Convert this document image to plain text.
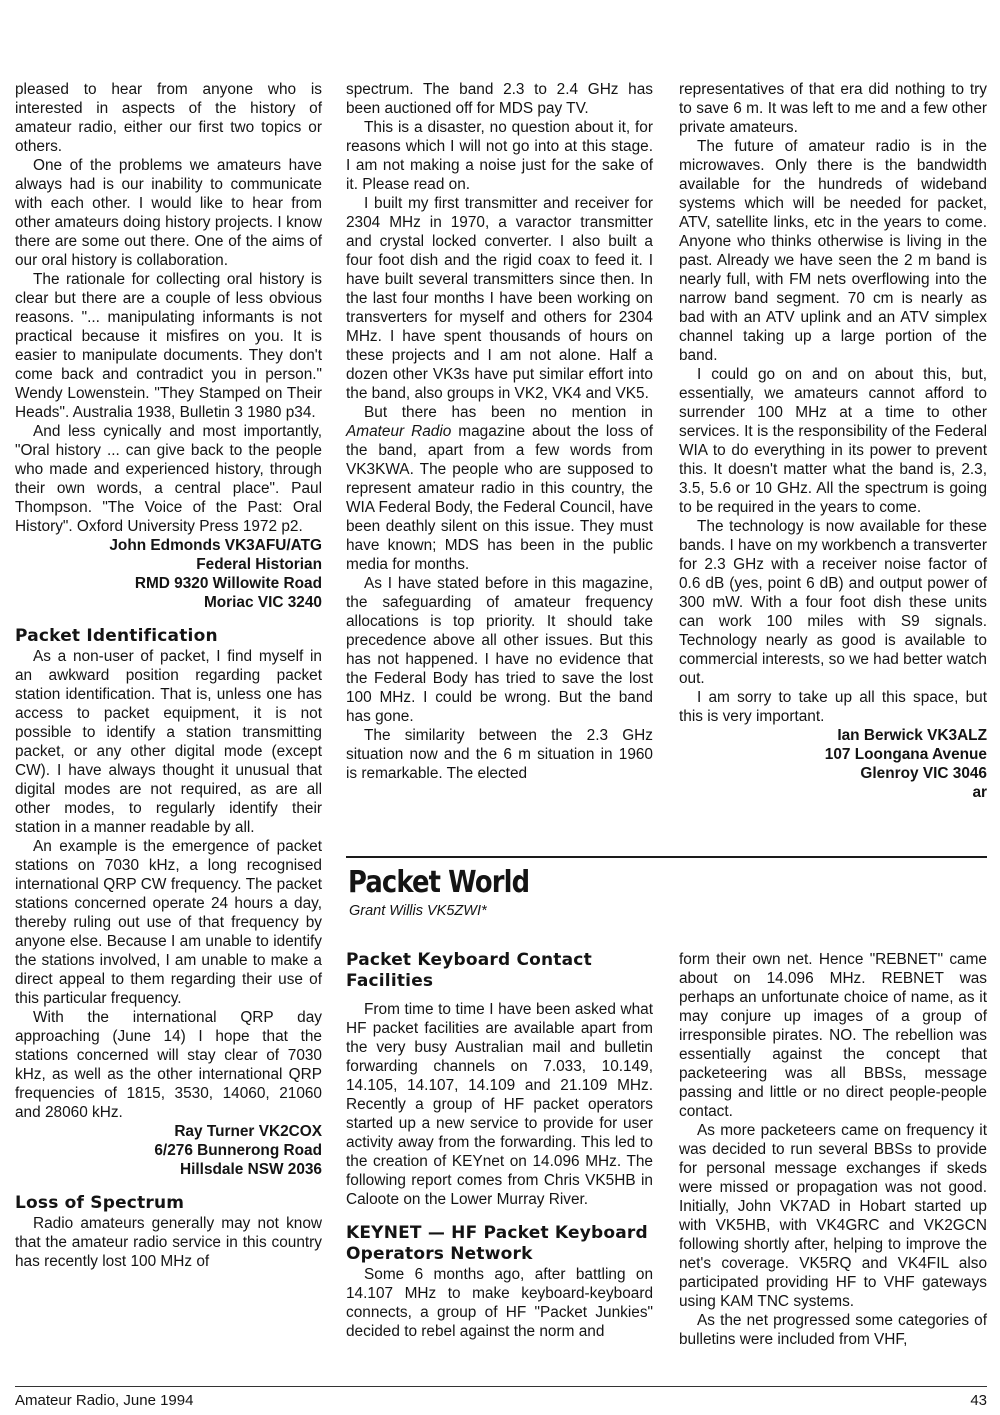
pleased to hear from anyone who is interested in aspects of the history of amateur radio, either our first two topics or others.

One of the problems we amateurs have always had is our inability to communicate with each other. I would like to hear from other amateurs doing history projects. I know there are some out there. One of the aims of our oral history is collaboration.

The rationale for collecting oral history is clear but there are a couple of less obvious reasons. "... manipulating informants is not practical because it misfires on you. It is easier to manipulate documents. They don't come back and contradict you in person." Wendy Lowenstein. "They Stamped on Their Heads". Australia 1938, Bulletin 3 1980 p34.

And less cynically and most importantly, "Oral history ... can give back to the people who made and experienced history, through their own words, a central place". Paul Thompson. "The Voice of the Past: Oral History". Oxford University Press 1972 p2.

John Edmonds VK3AFU/ATG
Federal Historian
RMD 9320 Willowite Road
Moriac VIC 3240
Packet Identification

As a non-user of packet, I find myself in an awkward position regarding packet station identification. That is, unless one has access to packet equipment, it is not possible to identify a station transmitting packet, or any other digital mode (except CW). I have always thought it unusual that digital modes are not required, as are all other modes, to regularly identify their station in a manner readable by all.

An example is the emergence of packet stations on 7030 kHz, a long recognised international QRP CW frequency. The packet stations concerned operate 24 hours a day, thereby ruling out use of that frequency by anyone else. Because I am unable to identify the stations involved, I am unable to make a direct appeal to them regarding their use of this particular frequency.

With the international QRP day approaching (June 14) I hope that the stations concerned will stay clear of 7030 kHz, as well as the other international QRP frequencies of 1815, 3530, 14060, 21060 and 28060 kHz.

Ray Turner VK2COX
6/276 Bunnerong Road
Hillsdale NSW 2036
Loss of Spectrum

Radio amateurs generally may not know that the amateur radio service in this country has recently lost 100 MHz of

spectrum. The band 2.3 to 2.4 GHz has been auctioned off for MDS pay TV.

This is a disaster, no question about it, for reasons which I will not go into at this stage. I am not making a noise just for the sake of it. Please read on.

I built my first transmitter and receiver for 2304 MHz in 1970, a varactor transmitter and crystal locked converter. I also built a four foot dish and the rigid coax to feed it. I have built several transmitters since then. In the last four months I have been working on transverters for myself and others for 2304 MHz. I have spent thousands of hours on these projects and I am not alone. Half a dozen other VK3s have put similar effort into the band, also groups in VK2, VK4 and VK5.

But there has been no mention in Amateur Radio magazine about the loss of the band, apart from a few words from VK3KWA. The people who are supposed to represent amateur radio in this country, the WIA Federal Body, the Federal Council, have been deathly silent on this issue. They must have known; MDS has been in the public media for months.

As I have stated before in this magazine, the safeguarding of amateur frequency allocations is top priority. It should take precedence above all other issues. But this has not happened. I have no evidence that the Federal Body has tried to save the lost 100 MHz. I could be wrong. But the band has gone.

The similarity between the 2.3 GHz situation now and the 6 m situation in 1960 is remarkable. The elected

representatives of that era did nothing to try to save 6 m. It was left to me and a few other private amateurs.

The future of amateur radio is in the microwaves. Only there is the bandwidth available for the hundreds of wideband systems which will be needed for packet, ATV, satellite links, etc in the years to come. Anyone who thinks otherwise is living in the past. Already we have seen the 2 m band is nearly full, with FM nets overflowing into the narrow band segment. 70 cm is nearly as bad with an ATV uplink and an ATV simplex channel taking up a large portion of the band.

I could go on and on about this, but, essentially, we amateurs cannot afford to surrender 100 MHz at a time to other services. It is the responsibility of the Federal WIA to do everything in its power to prevent this. It doesn't matter what the band is, 2.3, 3.5, 5.6 or 10 GHz. All the spectrum is going to be required in the years to come.

The technology is now available for these bands. I have on my workbench a transverter for 2.3 GHz with a receiver noise factor of 0.6 dB (yes, point 6 dB) and output power of 300 mW. With a four foot dish these units can work 100 miles with S9 signals. Technology nearly as good is available to commercial interests, so we had better watch out.

I am sorry to take up all this space, but this is very important.

Ian Berwick VK3ALZ
107 Loongana Avenue
Glenroy VIC 3046
ar
Packet World
Grant Willis VK5ZWI*
Packet Keyboard Contact Facilities

From time to time I have been asked what HF packet facilities are available apart from the very busy Australian mail and bulletin forwarding channels on 7.033, 10.149, 14.105, 14.107, 14.109 and 21.109 MHz. Recently a group of HF packet operators started up a new service to provide for user activity away from the forwarding. This led to the creation of KEYnet on 14.096 MHz. The following report comes from Chris VK5HB in Caloote on the Lower Murray River.

KEYNET — HF Packet Keyboard Operators Network

Some 6 months ago, after battling on 14.107 MHz to make keyboard-keyboard connects, a group of HF "Packet Junkies" decided to rebel against the norm and

form their own net. Hence "REBNET" came about on 14.096 MHz. REBNET was perhaps an unfortunate choice of name, as it may conjure up images of a group of irresponsible pirates. NO. The rebellion was essentially against the concept that packeteering was all BBSs, message passing and little or no direct people-people contact.

As more packeteers came on frequency it was decided to run several BBSs to provide for personal message exchanges if skeds were missed or propagation was not good. Initially, John VK7AD in Hobart started up with VK5HB, with VK4GRC and VK2GCN following shortly after, helping to improve the net's coverage. VK5RQ and VK4FIL also participated providing HF to VHF gateways using KAM TNC systems.

As the net progressed some categories of bulletins were included from VHF,

Amateur Radio, June 1994	43
